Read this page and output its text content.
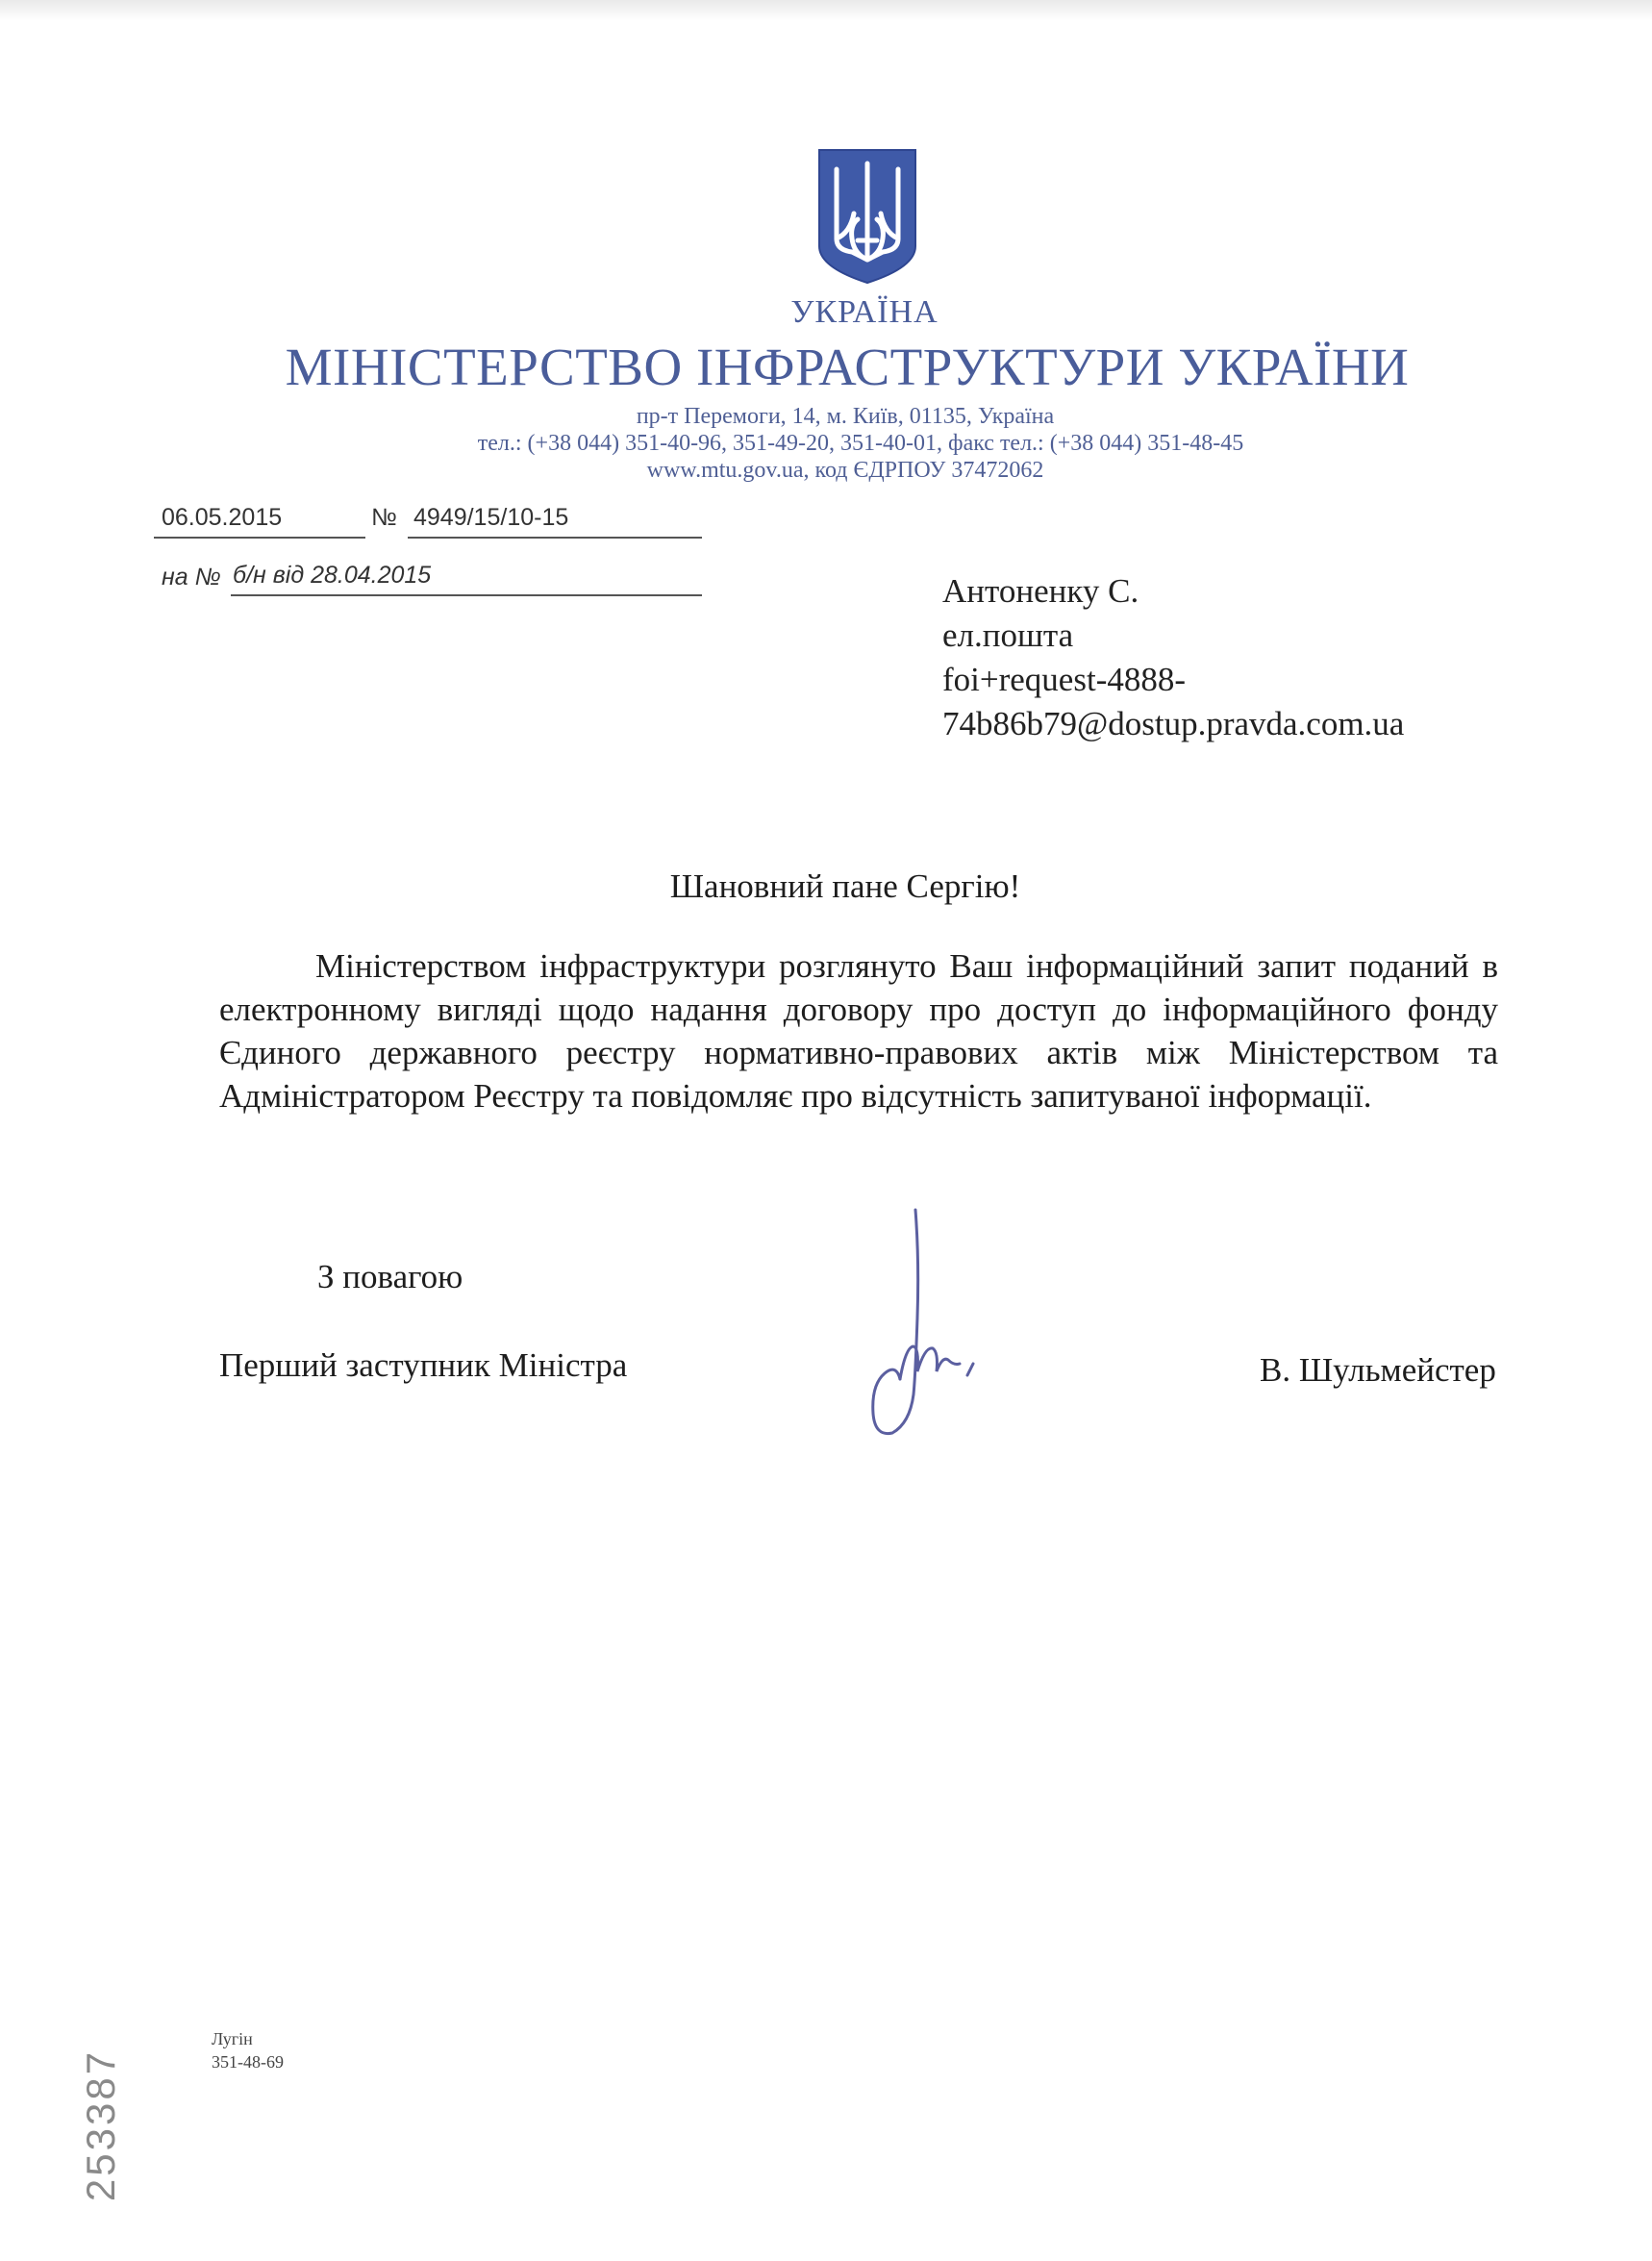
УКРАЇНА
МІНІСТЕРСТВО ІНФРАСТРУКТУРИ УКРАЇНИ
пр-т Перемоги, 14, м. Київ, 01135, Україна
тел.: (+38 044) 351-40-96, 351-49-20, 351-40-01, факс тел.: (+38 044) 351-48-45
www.mtu.gov.ua, код ЄДРПОУ 37472062
06.05.2015	№ 4949/15/10-15
на № б/н від 28.04.2015	Антоненку С.
ел.пошта
foi+request-4888-
74b86b79@dostup.pravda.com.ua
Шановний пане Сергію!

Міністерством інфраструктури розглянуто Ваш інформаційний запит поданий в електронному вигляді щодо надання договору про доступ до інформаційного фонду Єдиного державного реєстру нормативно-правових актів між Міністерством та Адміністратором Реєстру та повідомляє про відсутність запитуваної інформації.

З повагою
Перший заступник Міністра	В. Шульмейстер
253387
Лугін
351-48-69
